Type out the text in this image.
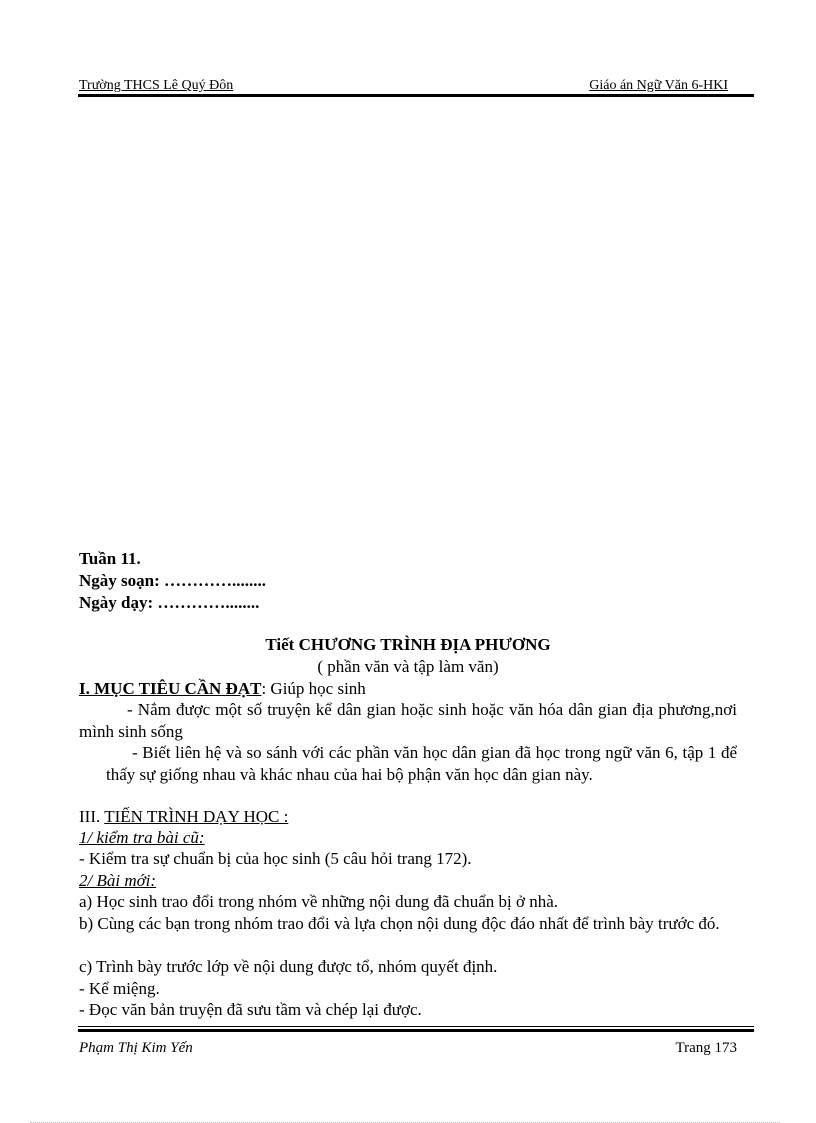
Trường THCS Lê Quý Đôn	Giáo án Ngữ Văn 6-HKI
Tuần 11.
Ngày soạn: …………........
Ngày dạy: …………........
Tiết CHƯƠNG TRÌNH ĐỊA PHƯƠNG
( phần văn và tập làm văn)
I. MỤC TIÊU CẦN ĐẠT: Giúp học sinh
- Nắm được một số truyện kể dân gian hoặc sinh hoặc văn hóa dân gian địa phương,nơi mình sinh sống
- Biết liên hệ và so sánh với các phần văn học dân gian đã học trong ngữ văn 6, tập 1 để thấy sự giống nhau và khác nhau của hai bộ phận văn học dân gian này.
III. TIẾN TRÌNH DẠY HỌC :
1/ kiểm tra bài cũ:
- Kiểm tra sự chuẩn bị của học sinh (5 câu hỏi trang 172).
2/ Bài mới:
a) Học sinh trao đổi trong nhóm về những nội dung đã chuẩn bị ở nhà.
b) Cùng các bạn trong nhóm trao đổi và lựa chọn nội dung độc đáo nhất để trình bày trước đó.
c) Trình bày trước lớp về nội dung được tổ, nhóm quyết định.
- Kể miệng.
- Đọc văn bản truyện đã sưu tầm và chép lại được.
Phạm Thị Kim Yến	Trang 173
